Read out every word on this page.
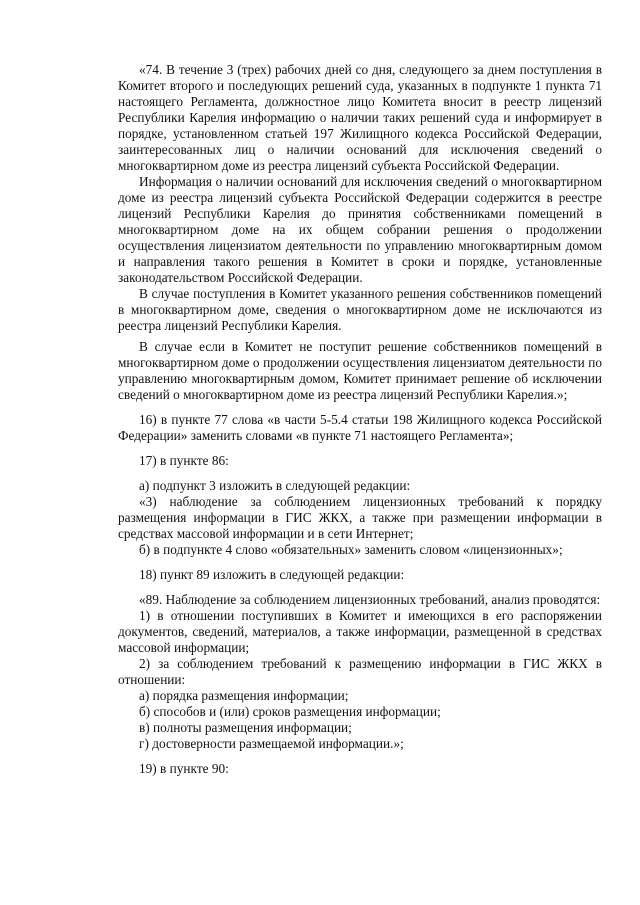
«74. В течение 3 (трех) рабочих дней со дня, следующего за днем поступления в Комитет второго и последующих решений суда, указанных в подпункте 1 пункта 71 настоящего Регламента, должностное лицо Комитета вносит в реестр лицензий Республики Карелия информацию о наличии таких решений суда и информирует в порядке, установленном статьей 197 Жилищного кодекса Российской Федерации, заинтересованных лиц о наличии оснований для исключения сведений о многоквартирном доме из реестра лицензий субъекта Российской Федерации.

Информация о наличии оснований для исключения сведений о многоквартирном доме из реестра лицензий субъекта Российской Федерации содержится в реестре лицензий Республики Карелия до принятия собственниками помещений в многоквартирном доме на их общем собрании решения о продолжении осуществления лицензиатом деятельности по управлению многоквартирным домом и направления такого решения в Комитет в сроки и порядке, установленные законодательством Российской Федерации.

В случае поступления в Комитет указанного решения собственников помещений в многоквартирном доме, сведения о многоквартирном доме не исключаются из реестра лицензий Республики Карелия.

В случае если в Комитет не поступит решение собственников помещений в многоквартирном доме о продолжении осуществления лицензиатом деятельности по управлению многоквартирным домом, Комитет принимает решение об исключении сведений о многоквартирном доме из реестра лицензий Республики Карелия.»;

16) в пункте 77 слова «в части 5-5.4 статьи 198 Жилищного кодекса Российской Федерации» заменить словами «в пункте 71 настоящего Регламента»;

17) в пункте 86:

а) подпункт 3 изложить в следующей редакции:

«3) наблюдение за соблюдением лицензионных требований к порядку размещения информации в ГИС ЖКХ, а также при размещении информации в средствах массовой информации и в сети Интернет;

б) в подпункте 4 слово «обязательных» заменить словом «лицензионных»;

18) пункт 89 изложить в следующей редакции:

«89. Наблюдение за соблюдением лицензионных требований, анализ проводятся:

1) в отношении поступивших в Комитет и имеющихся в его распоряжении документов, сведений, материалов, а также информации, размещенной в средствах массовой информации;

2) за соблюдением требований к размещению информации в ГИС ЖКХ в отношении:

а) порядка размещения информации;

б) способов и (или) сроков размещения информации;

в) полноты размещения информации;

г) достоверности размещаемой информации.»;

19) в пункте 90:
